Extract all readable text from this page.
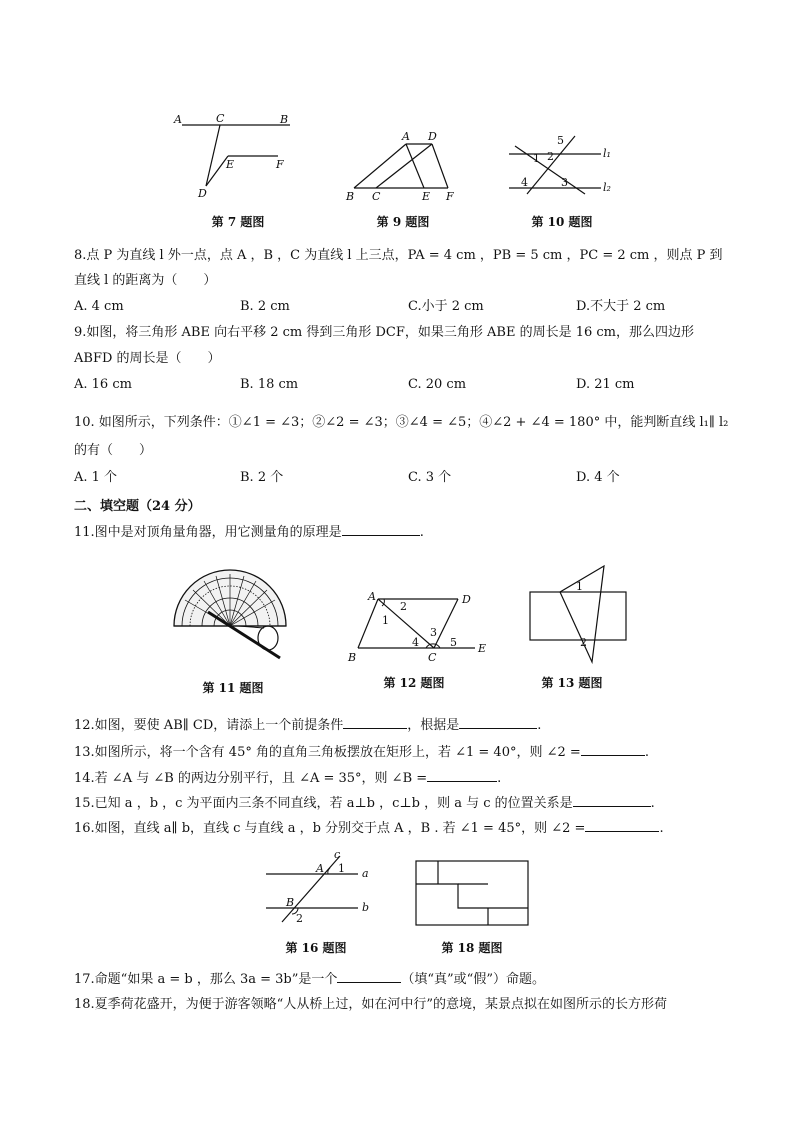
A	C	B
E	F
D
第 7 题图
A D
B C	E F
第 9 题图
5
1 2
4	3
l₁
l₂
第 10 题图
8.点 P 为直线 l 外一点，点 A ，B ，C 为直线 l 上三点，PA = 4 cm ，PB = 5 cm ，PC = 2 cm ，则点 P 到
直线 l 的距离为（　　）
A. 4 cm	B. 2 cm	C.小于 2 cm	D.不大于 2 cm
9.如图，将三角形 ABE 向右平移 2 cm 得到三角形 DCF，如果三角形 ABE 的周长是 16 cm，那么四边形
ABFD 的周长是（　　）
A. 16 cm	B. 18 cm	C. 20 cm	D. 21 cm
10. 如图所示，下列条件：①∠1 = ∠3；②∠2 = ∠3；③∠4 = ∠5；④∠2 + ∠4 = 180° 中，能判断直线 l₁∥ l₂
的有（　　）
A. 1 个	B. 2 个	C. 3 个	D. 4 个
二、填空题（24 分）
11.图中是对顶角量角器，用它测量角的原理是	.
第 11 题图
A	D
2
1
3
4	5
B	C
E
第 12 题图
1
2
第 13 题图
12.如图，要使 AB∥ CD，请添上一个前提条件	，根据是	.
13.如图所示，将一个含有 45° 角的直角三角板摆放在矩形上，若 ∠1 = 40°，则 ∠2 =	.
14.若 ∠A 与 ∠B 的两边分别平行，且 ∠A = 35°，则 ∠B =	.
15.已知 a ，b ，c 为平面内三条不同直线，若 a⊥b ，c⊥b ，则 a 与 c 的位置关系是	.
16.如图，直线 a∥ b，直线 c 与直线 a ，b 分别交于点 A ，B . 若 ∠1 = 45°，则 ∠2 =	.
c
A 1 a
B	b
2
第 16 题图	第 18 题图
17.命题“如果 a = b ，那么 3a = 3b”是一个	（填“真”或“假”）命题。
18.夏季荷花盛开，为便于游客领略“人从桥上过，如在河中行”的意境，某景点拟在如图所示的长方形荷
